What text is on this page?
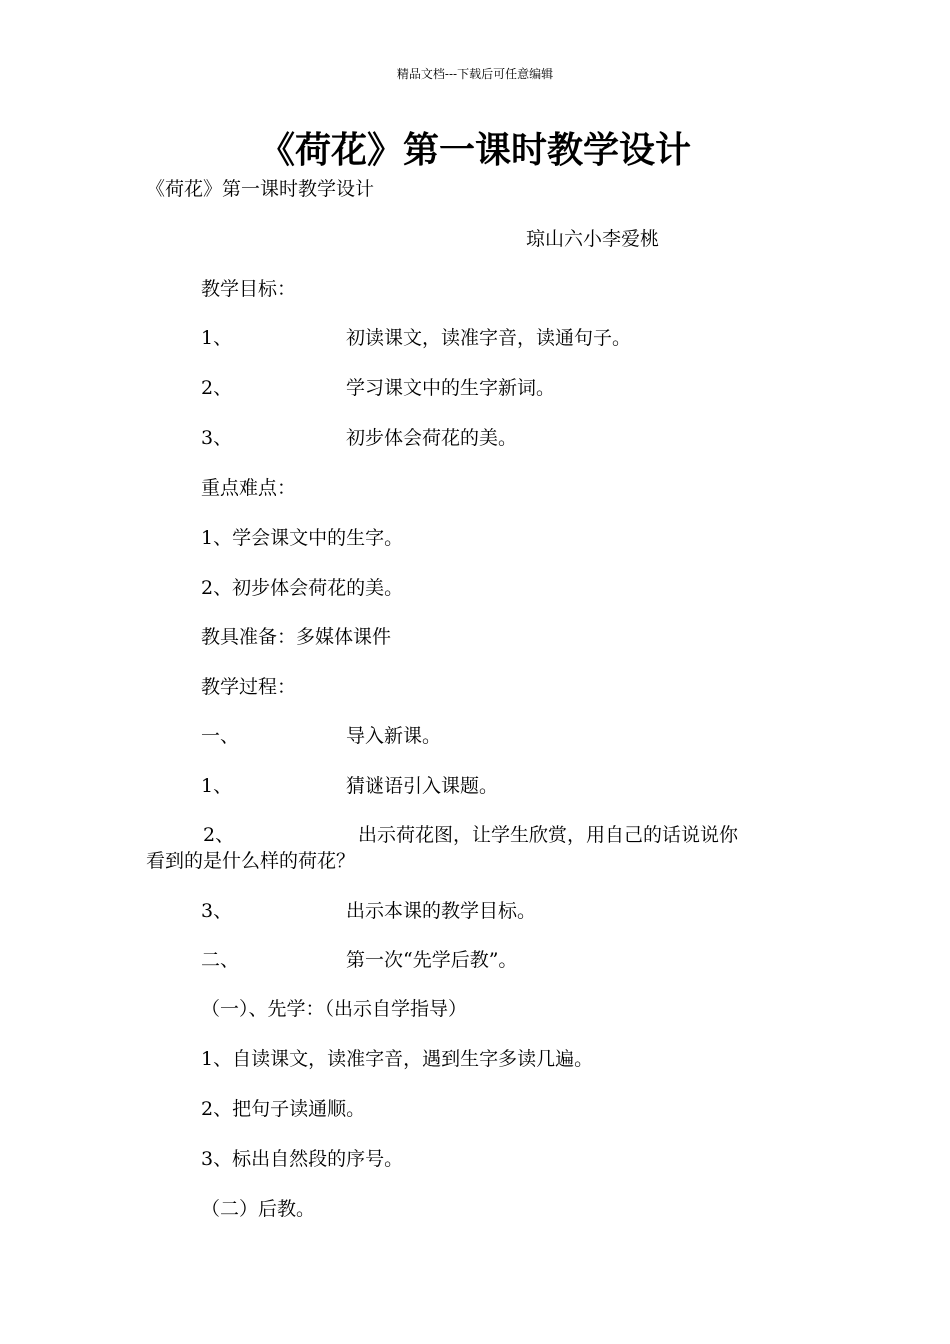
精品文档---下载后可任意编辑
《荷花》第一课时教学设计
《荷花》第一课时教学设计
琼山六小李爱桃
教学目标：
1、	初读课文，读准字音，读通句子。
2、	学习课文中的生字新词。
3、	初步体会荷花的美。
重点难点：
1、学会课文中的生字。
2、初步体会荷花的美。
教具准备：多媒体课件
教学过程：
一、	导入新课。
1、	猜谜语引入课题。
2、	出示荷花图，让学生欣赏，用自己的话说说你
看到的是什么样的荷花？
3、	出示本课的教学目标。
二、	第一次“先学后教”。
（一）、先学：（出示自学指导）
1、自读课文，读准字音，遇到生字多读几遍。
2、把句子读通顺。
3、标出自然段的序号。
（二）后教。
